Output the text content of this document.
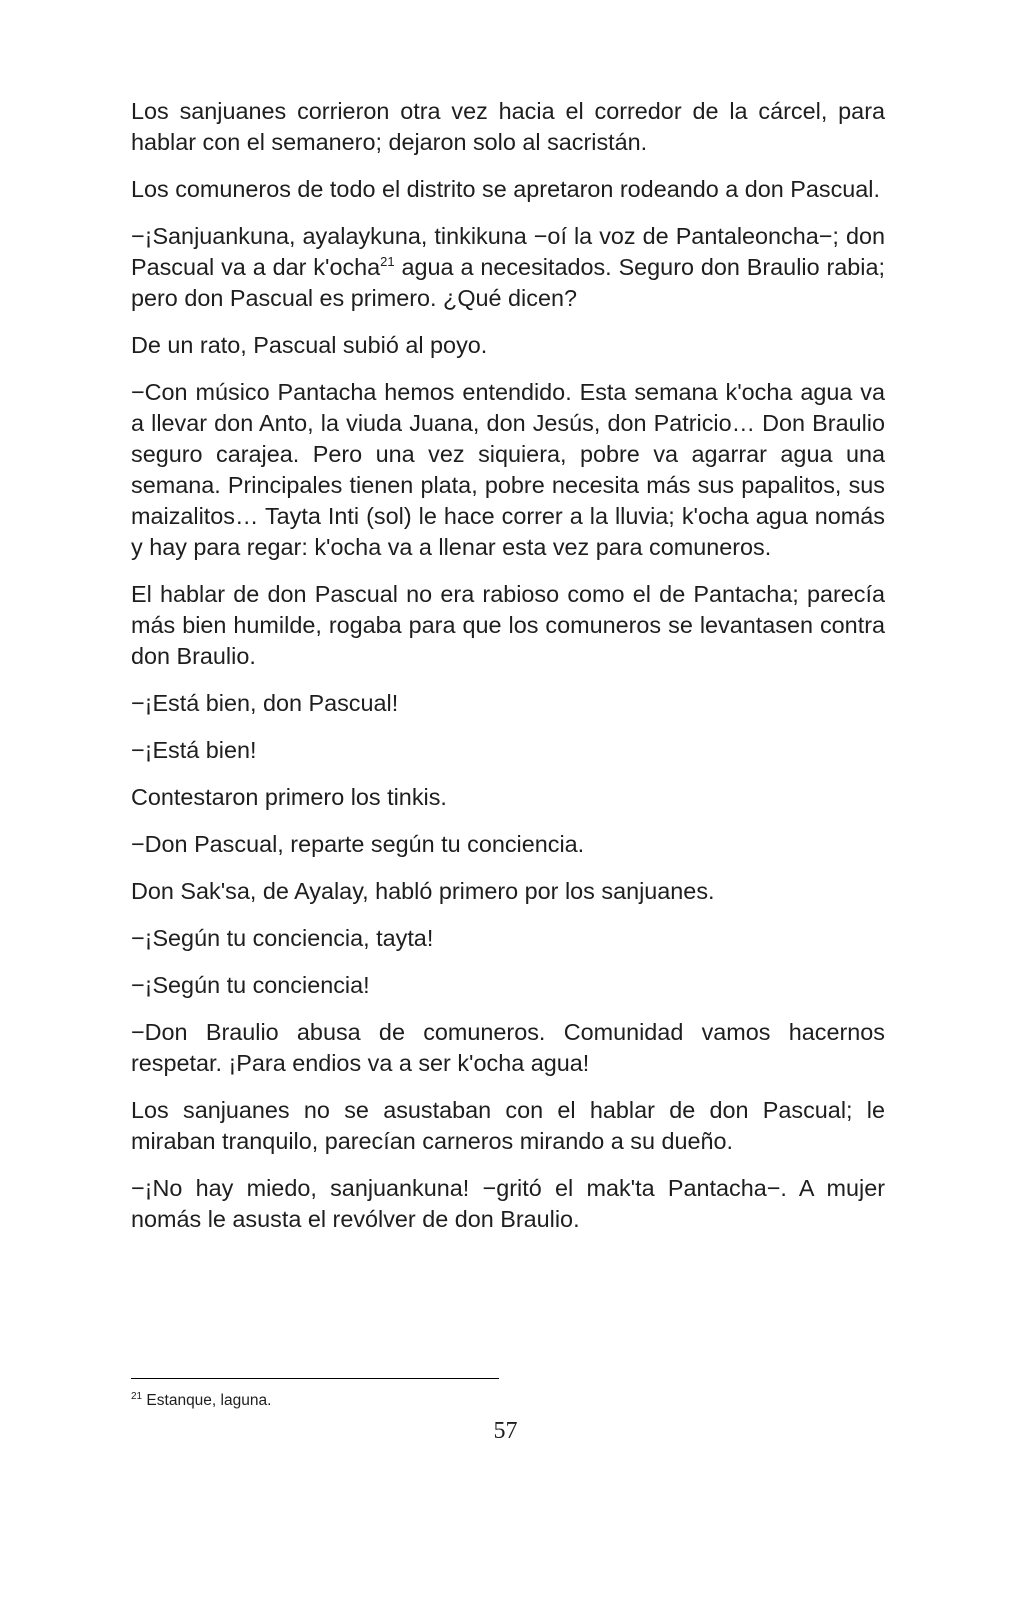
Los sanjuanes corrieron otra vez hacia el corredor de la cárcel, para hablar con el semanero; dejaron solo al sacristán.

Los comuneros de todo el distrito se apretaron rodeando a don Pascual.

−¡Sanjuankuna, ayalaykuna, tinkikuna −oí la voz de Pantaleoncha−; don Pascual va a dar k'ocha$^{21}$ agua a necesitados. Seguro don Braulio rabia; pero don Pascual es primero. ¿Qué dicen?

De un rato, Pascual subió al poyo.

−Con músico Pantacha hemos entendido. Esta semana k'ocha agua va a llevar don Anto, la viuda Juana, don Jesús, don Patricio… Don Braulio seguro carajea. Pero una vez siquiera, pobre va agarrar agua una semana. Principales tienen plata, pobre necesita más sus papalitos, sus maizalitos… Tayta Inti (sol) le hace correr a la lluvia; k'ocha agua nomás y hay para regar: k'ocha va a llenar esta vez para comuneros.

El hablar de don Pascual no era rabioso como el de Pantacha; parecía más bien humilde, rogaba para que los comuneros se levantasen contra don Braulio.

−¡Está bien, don Pascual!

−¡Está bien!

Contestaron primero los tinkis.

−Don Pascual, reparte según tu conciencia.

Don Sak'sa, de Ayalay, habló primero por los sanjuanes.

−¡Según tu conciencia, tayta!

−¡Según tu conciencia!

−Don Braulio abusa de comuneros. Comunidad vamos hacernos respetar. ¡Para endios va a ser k'ocha agua!

Los sanjuanes no se asustaban con el hablar de don Pascual; le miraban tranquilo, parecían carneros mirando a su dueño.

−¡No hay miedo, sanjuankuna! −gritó el mak'ta Pantacha−. A mujer nomás le asusta el revólver de don Braulio.

$^{21}$ Estanque, laguna.
57
